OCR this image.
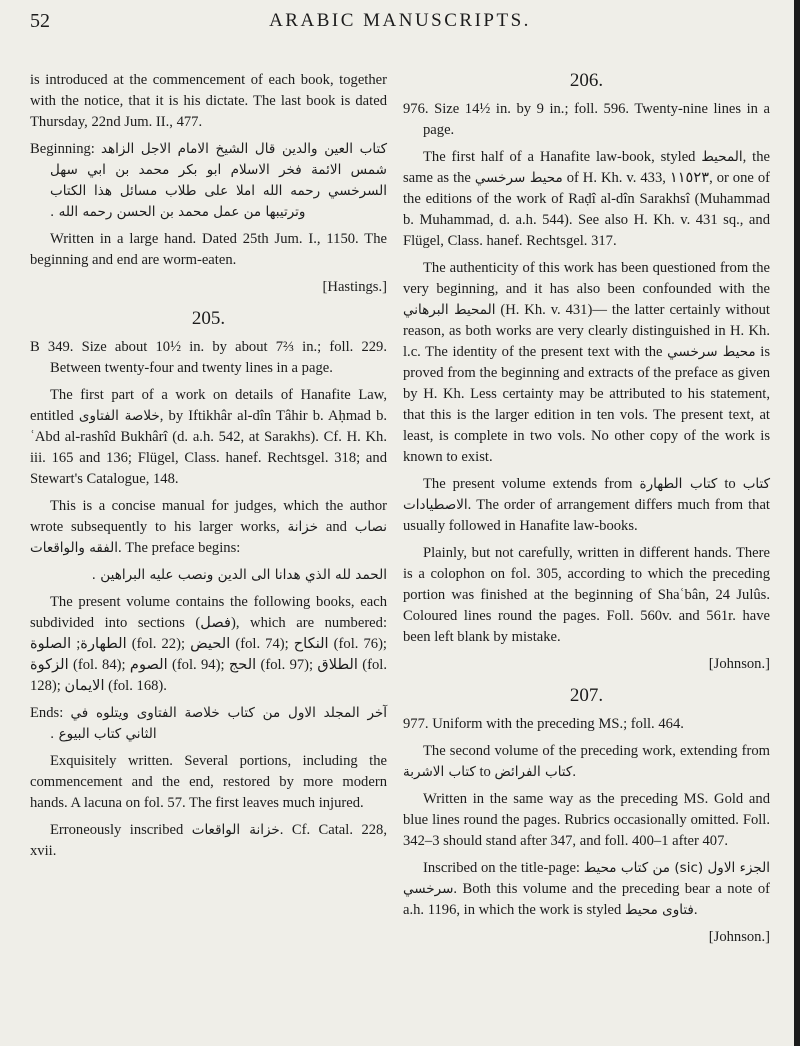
52	ARABIC MANUSCRIPTS.

is introduced at the commencement of each book, together with the notice, that it is his dictate. The last book is dated Thursday, 22nd Jum. II., 477.

Beginning: كتاب العين والدين قال الشيخ الامام الاجل الزاهد شمس الائمة فخر الاسلام ابو بكر محمد بن ابي سهل السرخسي رحمه الله املا على طلاب مسائل هذا الكتاب وترتيبها من عمل محمد بن الحسن رحمه الله .

Written in a large hand. Dated 25th Jum. I., 1150. The beginning and end are worm-eaten.

[Hastings.]
205.

B 349. Size about 10½ in. by about 7⅔ in.; foll. 229. Between twenty-four and twenty lines in a page.

The first part of a work on details of Hanafite Law, entitled خلاصة الفتاوى, by Iftikhâr al-dîn Tâhir b. Aḥmad b. ʿAbd al-rashîd Bukhârî (d. a.h. 542, at Sarakhs). Cf. H. Kh. iii. 165 and 136; Flügel, Class. hanef. Rechtsgel. 318; and Stewart's Catalogue, 148.

This is a concise manual for judges, which the author wrote subsequently to his larger works, خزانة and نصاب الفقه والواقعات. The preface begins:

الحمد لله الذي هدانا الى الدين ونصب عليه البراهين .

The present volume contains the following books, each subdivided into sections (فصل), which are numbered: الطهارة; الصلوة (fol. 22); الحيض (fol. 74); النكاح (fol. 76); الزكوة (fol. 84); الصوم (fol. 94); الحج (fol. 97); الطلاق (fol. 128); الايمان (fol. 168).

Ends: آخر المجلد الاول من كتاب خلاصة الفتاوى ويتلوه في الثاني كتاب البيوع .

Exquisitely written. Several portions, including the commencement and the end, restored by more modern hands. A lacuna on fol. 57. The first leaves much injured.

Erroneously inscribed خزانة الواقعات. Cf. Catal. 228, xvii.

206.

976. Size 14½ in. by 9 in.; foll. 596. Twenty-nine lines in a page.

The first half of a Hanafite law-book, styled المحيط, the same as the محيط سرخسي of H. Kh. v. 433, ١١٥٢٣, or one of the editions of the work of Raḍî al-dîn Sarakhsî (Muhammad b. Muhammad, d. a.h. 544). See also H. Kh. v. 431 sq., and Flügel, Class. hanef. Rechtsgel. 317.

The authenticity of this work has been questioned from the very beginning, and it has also been confounded with the المحيط البرهاني (H. Kh. v. 431)— the latter certainly without reason, as both works are very clearly distinguished in H. Kh. l.c. The identity of the present text with the محيط سرخسي is proved from the beginning and extracts of the preface as given by H. Kh. Less certainty may be attributed to his statement, that this is the larger edition in ten vols. The present text, at least, is complete in two vols. No other copy of the work is known to exist.

The present volume extends from كتاب الطهارة to كتاب الاصطيادات. The order of arrangement differs much from that usually followed in Hanafite law-books.

Plainly, but not carefully, written in different hands. There is a colophon on fol. 305, according to which the preceding portion was finished at the beginning of Shaʿbân, 24 Julûs. Coloured lines round the pages. Foll. 560v. and 561r. have been left blank by mistake.

[Johnson.]
207.

977. Uniform with the preceding MS.; foll. 464.

The second volume of the preceding work, extending from كتاب الاشربة to كتاب الفرائض.

Written in the same way as the preceding MS. Gold and blue lines round the pages. Rubrics occasionally omitted. Foll. 342–3 should stand after 347, and foll. 400–1 after 407.

Inscribed on the title-page: الجزء الاول (sic) من كتاب محيط سرخسي. Both this volume and the preceding bear a note of a.h. 1196, in which the work is styled فتاوى محيط.

[Johnson.]
